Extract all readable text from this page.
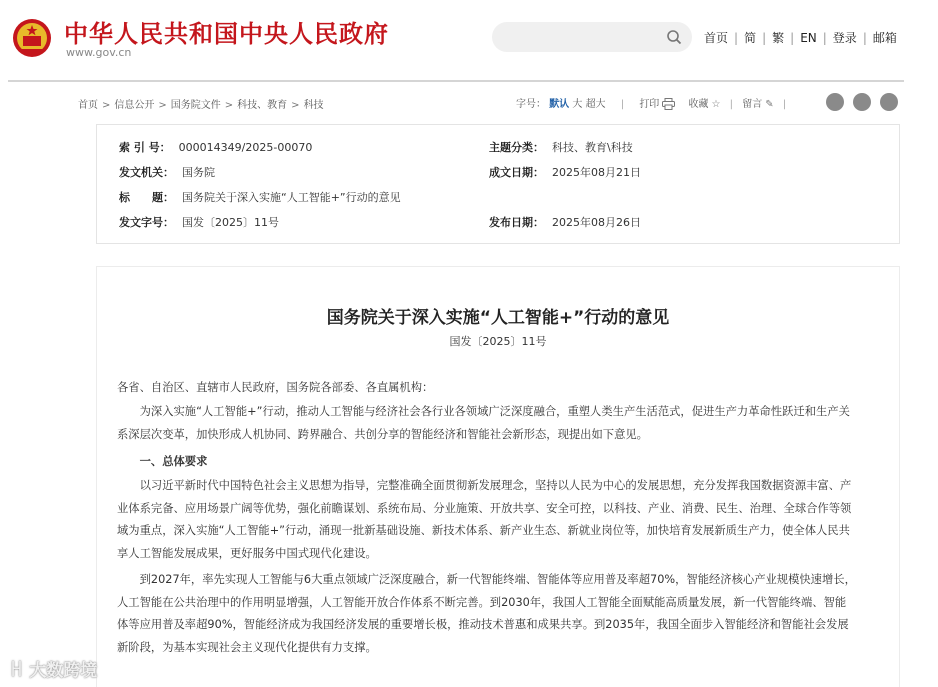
中华人民共和国中央人民政府
www.gov.cn
首页 | 简 | 繁 | EN | 登录 | 邮箱
首页 > 信息公开 > 国务院文件 > 科技、教育 > 科技	字号： 默认 大 超大 | 打印	收藏 ☆ | 留言 ✎ |
索 引 号： 000014349/2025-00070	主题分类： 科技、教育\科技
发文机关： 国务院	成文日期： 2025年08月21日
标　　题： 国务院关于深入实施“人工智能+”行动的意见
发文字号： 国发〔2025〕11号	发布日期： 2025年08月26日
国务院关于深入实施“人工智能+”行动的意见
国发〔2025〕11号

各省、自治区、直辖市人民政府，国务院各部委、各直属机构：

为深入实施“人工智能+”行动，推动人工智能与经济社会各行业各领域广泛深度融合，重塑人类生产生活范式，促进生产力革命性跃迁和生产关系深层次变革，加快形成人机协同、跨界融合、共创分享的智能经济和智能社会新形态，现提出如下意见。

一、总体要求

以习近平新时代中国特色社会主义思想为指导，完整准确全面贯彻新发展理念，坚持以人民为中心的发展思想，充分发挥我国数据资源丰富、产业体系完备、应用场景广阔等优势，强化前瞻谋划、系统布局、分业施策、开放共享、安全可控，以科技、产业、消费、民生、治理、全球合作等领域为重点，深入实施“人工智能+”行动，涌现一批新基础设施、新技术体系、新产业生态、新就业岗位等，加快培育发展新质生产力，使全体人民共享人工智能发展成果，更好服务中国式现代化建设。

到2027年，率先实现人工智能与6大重点领域广泛深度融合，新一代智能终端、智能体等应用普及率超70%，智能经济核心产业规模快速增长，人工智能在公共治理中的作用明显增强，人工智能开放合作体系不断完善。到2030年，我国人工智能全面赋能高质量发展，新一代智能终端、智能体等应用普及率超90%，智能经济成为我国经济发展的重要增长极，推动技术普惠和成果共享。到2035年，我国全面步入智能经济和智能社会发展新阶段，为基本实现社会主义现代化提供有力支撑。

ꀿ 大数跨境
